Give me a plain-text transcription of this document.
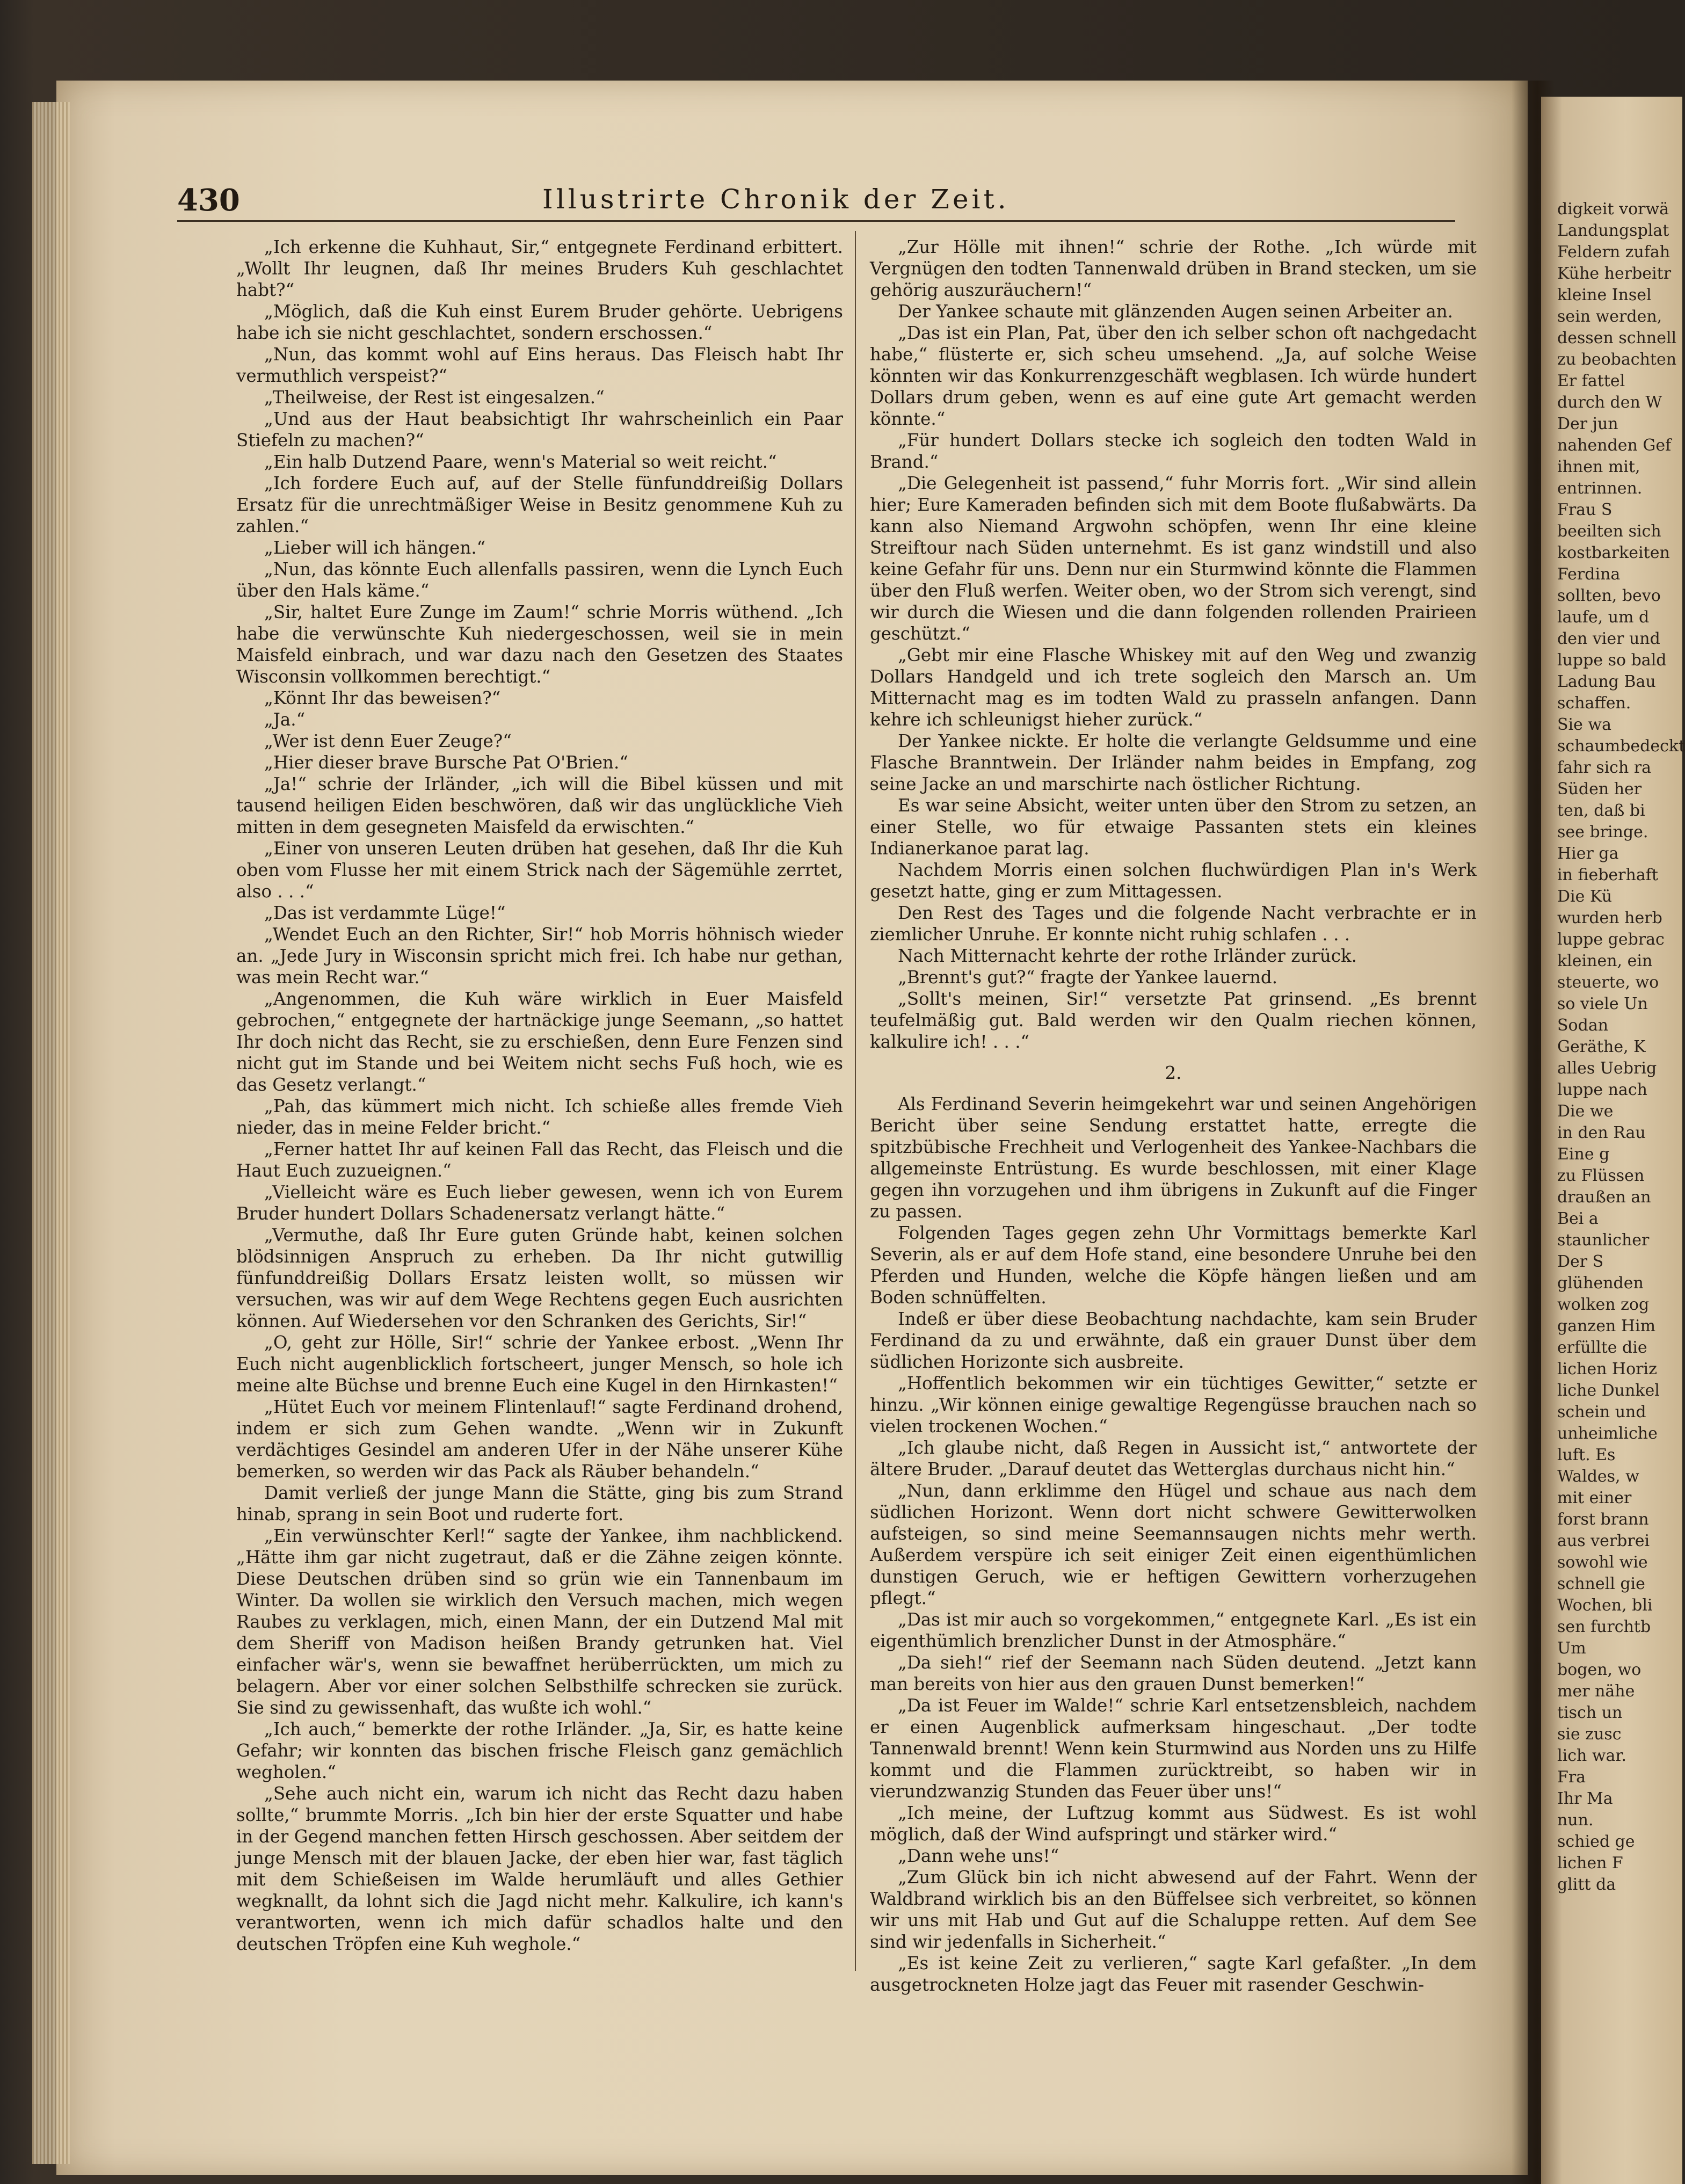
430	Illustrirte Chronik der Zeit.

„Ich erkenne die Kuhhaut, Sir,“ entgegnete Ferdinand erbittert. „Wollt Ihr leugnen, daß Ihr meines Bruders Kuh geschlachtet habt?“

„Möglich, daß die Kuh einst Eurem Bruder gehörte. Uebrigens habe ich sie nicht geschlachtet, sondern erschossen.“

„Nun, das kommt wohl auf Eins heraus. Das Fleisch habt Ihr vermuthlich verspeist?“

„Theilweise, der Rest ist eingesalzen.“

„Und aus der Haut beabsichtigt Ihr wahrscheinlich ein Paar Stiefeln zu machen?“

„Ein halb Dutzend Paare, wenn's Material so weit reicht.“

„Ich fordere Euch auf, auf der Stelle fünfunddreißig Dollars Ersatz für die unrechtmäßiger Weise in Besitz genommene Kuh zu zahlen.“

„Lieber will ich hängen.“

„Nun, das könnte Euch allenfalls passiren, wenn die Lynch Euch über den Hals käme.“

„Sir, haltet Eure Zunge im Zaum!“ schrie Morris wüthend. „Ich habe die verwünschte Kuh niedergeschossen, weil sie in mein Maisfeld einbrach, und war dazu nach den Gesetzen des Staates Wisconsin vollkommen berechtigt.“

„Könnt Ihr das beweisen?“

„Ja.“

„Wer ist denn Euer Zeuge?“

„Hier dieser brave Bursche Pat O'Brien.“

„Ja!“ schrie der Irländer, „ich will die Bibel küssen und mit tausend heiligen Eiden beschwören, daß wir das unglückliche Vieh mitten in dem gesegneten Maisfeld da erwischten.“

„Einer von unseren Leuten drüben hat gesehen, daß Ihr die Kuh oben vom Flusse her mit einem Strick nach der Sägemühle zerrtet, also . . .“

„Das ist verdammte Lüge!“

„Wendet Euch an den Richter, Sir!“ hob Morris höhnisch wieder an. „Jede Jury in Wisconsin spricht mich frei. Ich habe nur gethan, was mein Recht war.“

„Angenommen, die Kuh wäre wirklich in Euer Maisfeld gebrochen,“ entgegnete der hartnäckige junge Seemann, „so hattet Ihr doch nicht das Recht, sie zu erschießen, denn Eure Fenzen sind nicht gut im Stande und bei Weitem nicht sechs Fuß hoch, wie es das Gesetz verlangt.“

„Pah, das kümmert mich nicht. Ich schieße alles fremde Vieh nieder, das in meine Felder bricht.“

„Ferner hattet Ihr auf keinen Fall das Recht, das Fleisch und die Haut Euch zuzueignen.“

„Vielleicht wäre es Euch lieber gewesen, wenn ich von Eurem Bruder hundert Dollars Schadenersatz verlangt hätte.“

„Vermuthe, daß Ihr Eure guten Gründe habt, keinen solchen blödsinnigen Anspruch zu erheben. Da Ihr nicht gutwillig fünfunddreißig Dollars Ersatz leisten wollt, so müssen wir versuchen, was wir auf dem Wege Rechtens gegen Euch ausrichten können. Auf Wiedersehen vor den Schranken des Gerichts, Sir!“

„O, geht zur Hölle, Sir!“ schrie der Yankee erbost. „Wenn Ihr Euch nicht augenblicklich fortscheert, junger Mensch, so hole ich meine alte Büchse und brenne Euch eine Kugel in den Hirnkasten!“

„Hütet Euch vor meinem Flintenlauf!“ sagte Ferdinand drohend, indem er sich zum Gehen wandte. „Wenn wir in Zukunft verdächtiges Gesindel am anderen Ufer in der Nähe unserer Kühe bemerken, so werden wir das Pack als Räuber behandeln.“

Damit verließ der junge Mann die Stätte, ging bis zum Strand hinab, sprang in sein Boot und ruderte fort.

„Ein verwünschter Kerl!“ sagte der Yankee, ihm nachblickend. „Hätte ihm gar nicht zugetraut, daß er die Zähne zeigen könnte. Diese Deutschen drüben sind so grün wie ein Tannenbaum im Winter. Da wollen sie wirklich den Versuch machen, mich wegen Raubes zu verklagen, mich, einen Mann, der ein Dutzend Mal mit dem Sheriff von Madison heißen Brandy getrunken hat. Viel einfacher wär's, wenn sie bewaffnet herüberrückten, um mich zu belagern. Aber vor einer solchen Selbsthilfe schrecken sie zurück. Sie sind zu gewissenhaft, das wußte ich wohl.“

„Ich auch,“ bemerkte der rothe Irländer. „Ja, Sir, es hatte keine Gefahr; wir konnten das bischen frische Fleisch ganz gemächlich wegholen.“

„Sehe auch nicht ein, warum ich nicht das Recht dazu haben sollte,“ brummte Morris. „Ich bin hier der erste Squatter und habe in der Gegend manchen fetten Hirsch geschossen. Aber seitdem der junge Mensch mit der blauen Jacke, der eben hier war, fast täglich mit dem Schießeisen im Walde herumläuft und alles Gethier wegknallt, da lohnt sich die Jagd nicht mehr. Kalkulire, ich kann's verantworten, wenn ich mich dafür schadlos halte und den deutschen Tröpfen eine Kuh weghole.“

„Zur Hölle mit ihnen!“ schrie der Rothe. „Ich würde mit Vergnügen den todten Tannenwald drüben in Brand stecken, um sie gehörig auszuräuchern!“

Der Yankee schaute mit glänzenden Augen seinen Arbeiter an.

„Das ist ein Plan, Pat, über den ich selber schon oft nachgedacht habe,“ flüsterte er, sich scheu umsehend. „Ja, auf solche Weise könnten wir das Konkurrenzgeschäft wegblasen. Ich würde hundert Dollars drum geben, wenn es auf eine gute Art gemacht werden könnte.“

„Für hundert Dollars stecke ich sogleich den todten Wald in Brand.“

„Die Gelegenheit ist passend,“ fuhr Morris fort. „Wir sind allein hier; Eure Kameraden befinden sich mit dem Boote flußabwärts. Da kann also Niemand Argwohn schöpfen, wenn Ihr eine kleine Streiftour nach Süden unternehmt. Es ist ganz windstill und also keine Gefahr für uns. Denn nur ein Sturmwind könnte die Flammen über den Fluß werfen. Weiter oben, wo der Strom sich verengt, sind wir durch die Wiesen und die dann folgenden rollenden Prairieen geschützt.“

„Gebt mir eine Flasche Whiskey mit auf den Weg und zwanzig Dollars Handgeld und ich trete sogleich den Marsch an. Um Mitternacht mag es im todten Wald zu prasseln anfangen. Dann kehre ich schleunigst hieher zurück.“

Der Yankee nickte. Er holte die verlangte Geldsumme und eine Flasche Branntwein. Der Irländer nahm beides in Empfang, zog seine Jacke an und marschirte nach östlicher Richtung.

Es war seine Absicht, weiter unten über den Strom zu setzen, an einer Stelle, wo für etwaige Passanten stets ein kleines Indianerkanoe parat lag.

Nachdem Morris einen solchen fluchwürdigen Plan in's Werk gesetzt hatte, ging er zum Mittagessen.

Den Rest des Tages und die folgende Nacht verbrachte er in ziemlicher Unruhe. Er konnte nicht ruhig schlafen . . .

Nach Mitternacht kehrte der rothe Irländer zurück.

„Brennt's gut?“ fragte der Yankee lauernd.

„Sollt's meinen, Sir!“ versetzte Pat grinsend. „Es brennt teufelmäßig gut. Bald werden wir den Qualm riechen können, kalkulire ich! . . .“

2.

Als Ferdinand Severin heimgekehrt war und seinen Angehörigen Bericht über seine Sendung erstattet hatte, erregte die spitzbübische Frechheit und Verlogenheit des Yankee-Nachbars die allgemeinste Entrüstung. Es wurde beschlossen, mit einer Klage gegen ihn vorzugehen und ihm übrigens in Zukunft auf die Finger zu passen.

Folgenden Tages gegen zehn Uhr Vormittags bemerkte Karl Severin, als er auf dem Hofe stand, eine besondere Unruhe bei den Pferden und Hunden, welche die Köpfe hängen ließen und am Boden schnüffelten.

Indeß er über diese Beobachtung nachdachte, kam sein Bruder Ferdinand da zu und erwähnte, daß ein grauer Dunst über dem südlichen Horizonte sich ausbreite.

„Hoffentlich bekommen wir ein tüchtiges Gewitter,“ setzte er hinzu. „Wir können einige gewaltige Regengüsse brauchen nach so vielen trockenen Wochen.“

„Ich glaube nicht, daß Regen in Aussicht ist,“ antwortete der ältere Bruder. „Darauf deutet das Wetterglas durchaus nicht hin.“

„Nun, dann erklimme den Hügel und schaue aus nach dem südlichen Horizont. Wenn dort nicht schwere Gewitterwolken aufsteigen, so sind meine Seemannsaugen nichts mehr werth. Außerdem verspüre ich seit einiger Zeit einen eigenthümlichen dunstigen Geruch, wie er heftigen Gewittern vorherzugehen pflegt.“

„Das ist mir auch so vorgekommen,“ entgegnete Karl. „Es ist ein eigenthümlich brenzlicher Dunst in der Atmosphäre.“

„Da sieh!“ rief der Seemann nach Süden deutend. „Jetzt kann man bereits von hier aus den grauen Dunst bemerken!“

„Da ist Feuer im Walde!“ schrie Karl entsetzensbleich, nachdem er einen Augenblick aufmerksam hingeschaut. „Der todte Tannenwald brennt! Wenn kein Sturmwind aus Norden uns zu Hilfe kommt und die Flammen zurücktreibt, so haben wir in vierundzwanzig Stunden das Feuer über uns!“

„Ich meine, der Luftzug kommt aus Südwest. Es ist wohl möglich, daß der Wind aufspringt und stärker wird.“

„Dann wehe uns!“

„Zum Glück bin ich nicht abwesend auf der Fahrt. Wenn der Waldbrand wirklich bis an den Büffelsee sich verbreitet, so können wir uns mit Hab und Gut auf die Schaluppe retten. Auf dem See sind wir jedenfalls in Sicherheit.“

„Es ist keine Zeit zu verlieren,“ sagte Karl gefaßter. „In dem ausgetrockneten Holze jagt das Feuer mit rasender Geschwin-

digkeit vorwä
Landungsplat
Feldern zufah
Kühe herbeitr
kleine Insel
sein werden,
dessen schnell
zu beobachten
Er fattel
durch den W
Der jun
nahenden Gef
ihnen mit,
entrinnen.
Frau S
beeilten sich
kostbarkeiten
Ferdina
sollten, bevo
laufe, um d
den vier und
luppe so bald
Ladung Bau
schaffen.
Sie wa
schaumbedeckt
fahr sich ra
Süden her
ten, daß bi
see bringe.
Hier ga
in fieberhaft
Die Kü
wurden herb
luppe gebrac
kleinen, ein
steuerte, wo
so viele Un
Sodan
Geräthe, K
alles Uebrig
luppe nach
Die we
in den Rau
Eine g
zu Flüssen
draußen an
Bei a
staunlicher
Der S
glühenden
wolken zog
ganzen Him
erfüllte die
lichen Horiz
liche Dunkel
schein und
unheimliche
luft. Es
Waldes, w
mit einer
forst brann
aus verbrei
sowohl wie
schnell gie
Wochen, bli
sen furchtb
Um
bogen, wo
mer nähe
tisch un
sie zusc
lich war.
Fra
Ihr Ma
nun.
schied ge
lichen F
glitt da
